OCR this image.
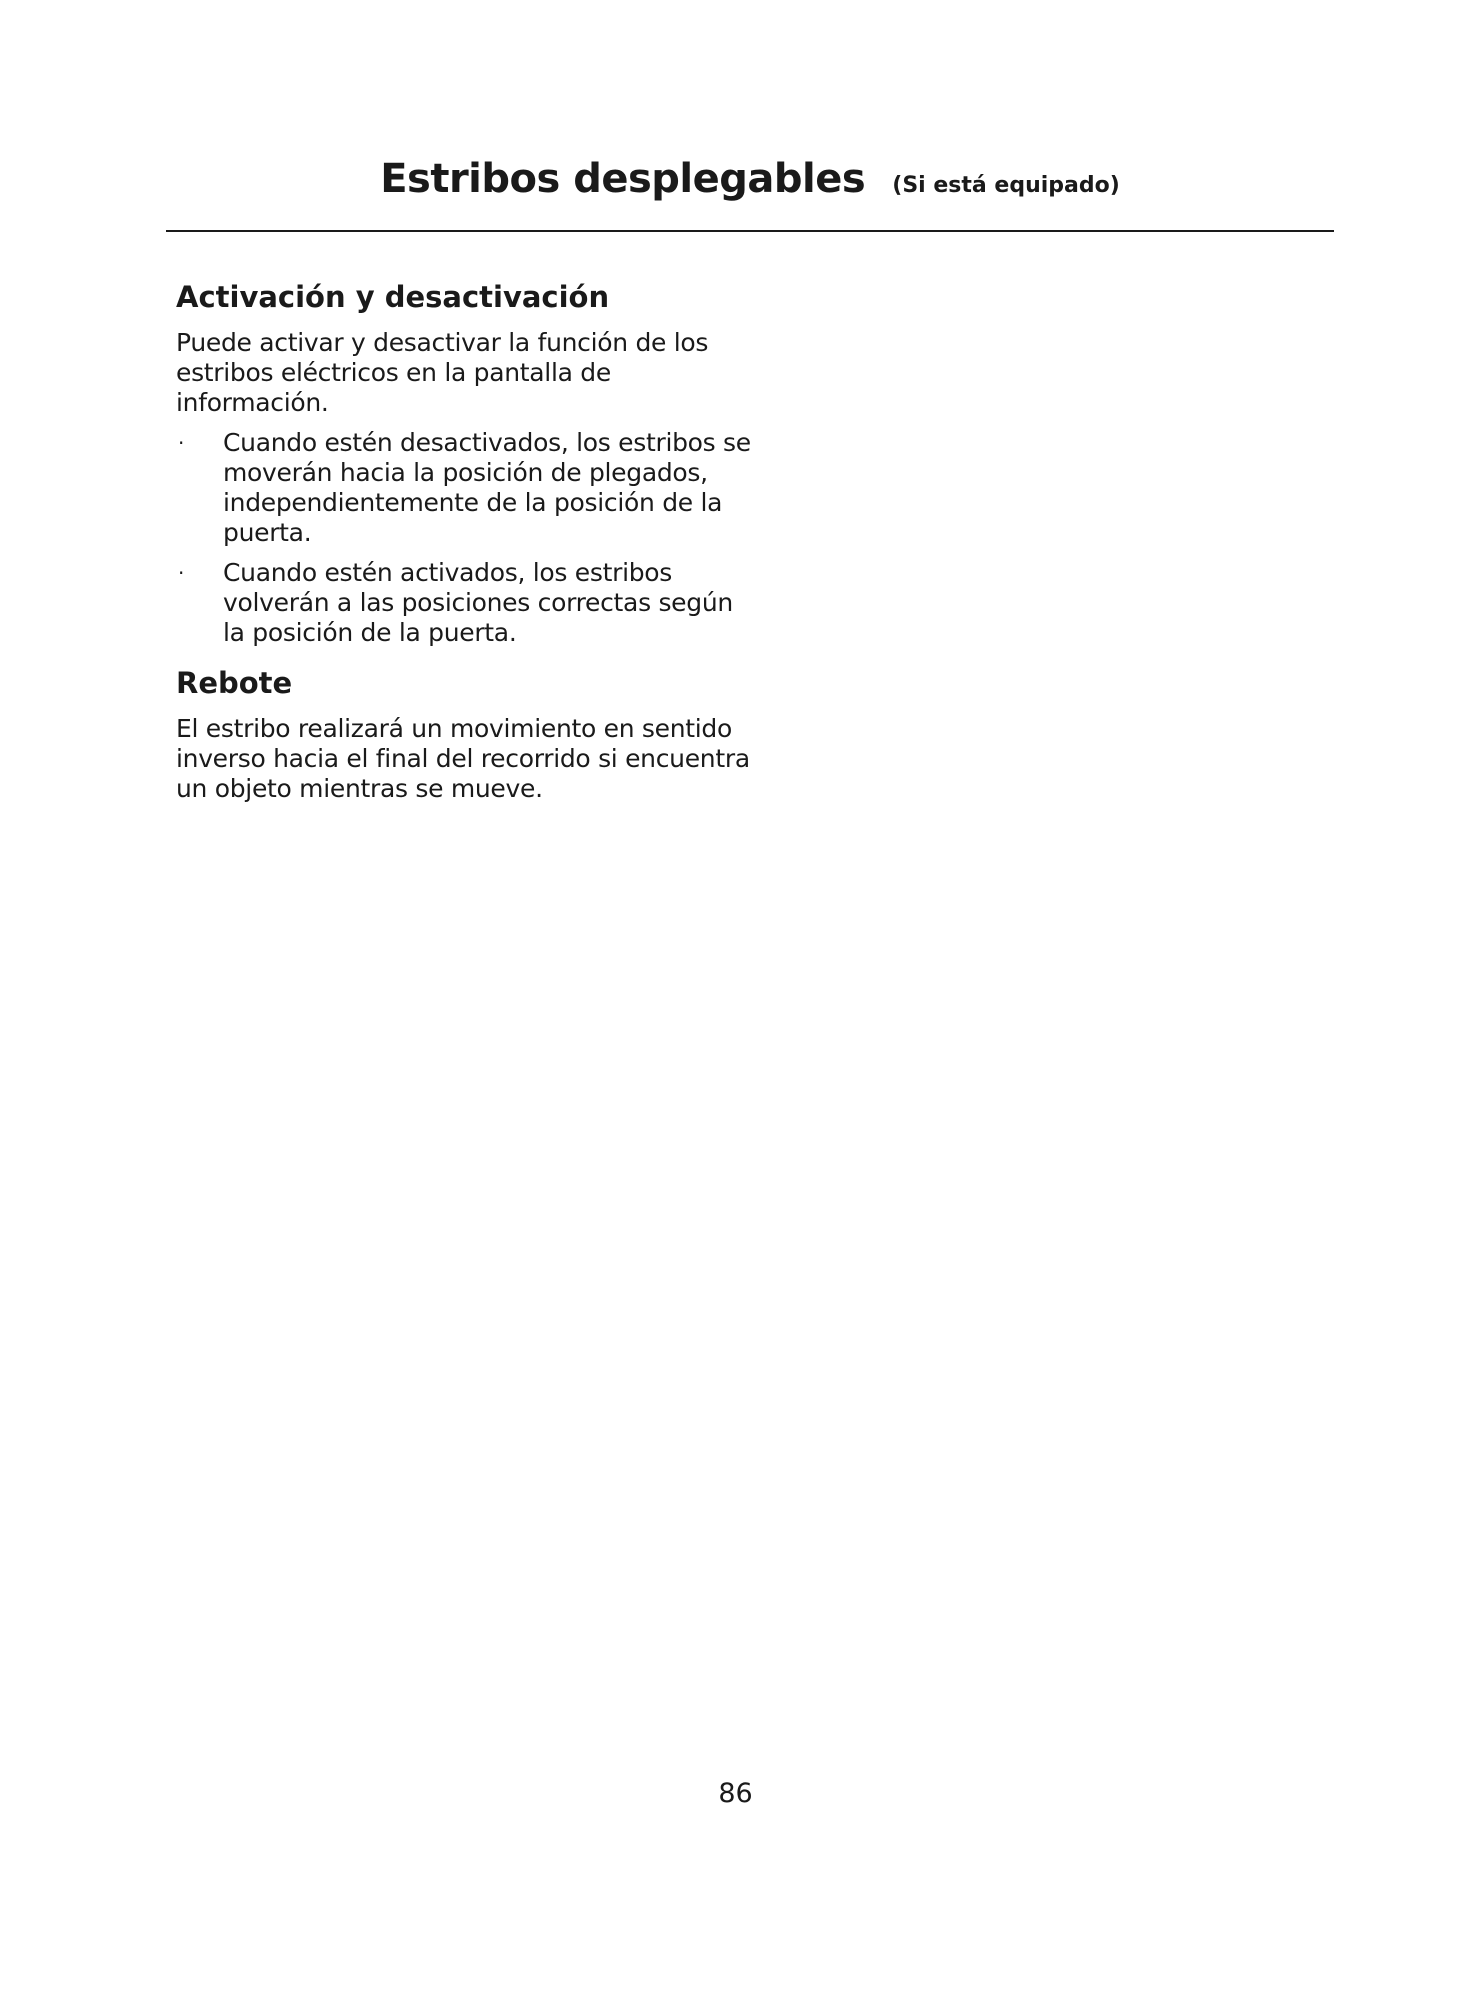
Estribos desplegables (Si está equipado)
Activación y desactivación

Puede activar y desactivar la función de los estribos eléctricos en la pantalla de información.

· Cuando estén desactivados, los estribos se moverán hacia la posición de plegados, independientemente de la posición de la puerta.
· Cuando estén activados, los estribos volverán a las posiciones correctas según la posición de la puerta.
Rebote

El estribo realizará un movimiento en sentido inverso hacia el final del recorrido si encuentra un objeto mientras se mueve.

86
